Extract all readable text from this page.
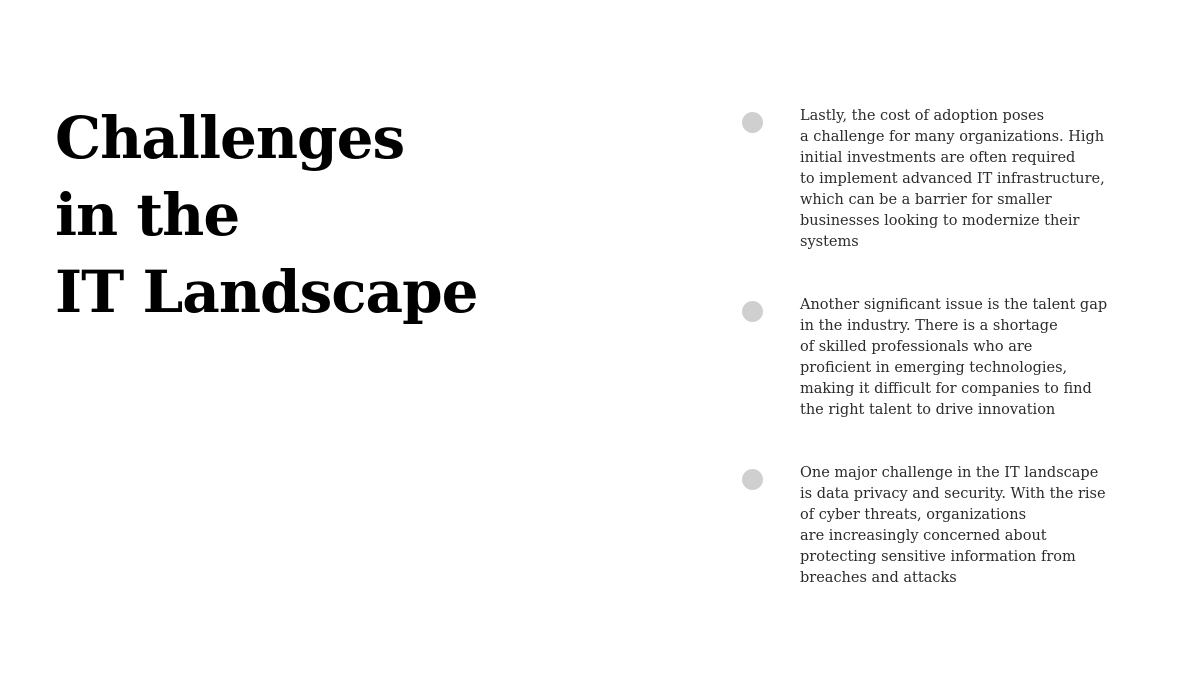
Challenges
in the
IT Landscape

Lastly, the cost of adoption poses
a challenge for many organizations. High
initial investments are often required
to implement advanced IT infrastructure,
which can be a barrier for smaller
businesses looking to modernize their
systems

Another significant issue is the talent gap
in the industry. There is a shortage
of skilled professionals who are
proficient in emerging technologies,
making it difficult for companies to find
the right talent to drive innovation

One major challenge in the IT landscape
is data privacy and security. With the rise
of cyber threats, organizations
are increasingly concerned about
protecting sensitive information from
breaches and attacks
